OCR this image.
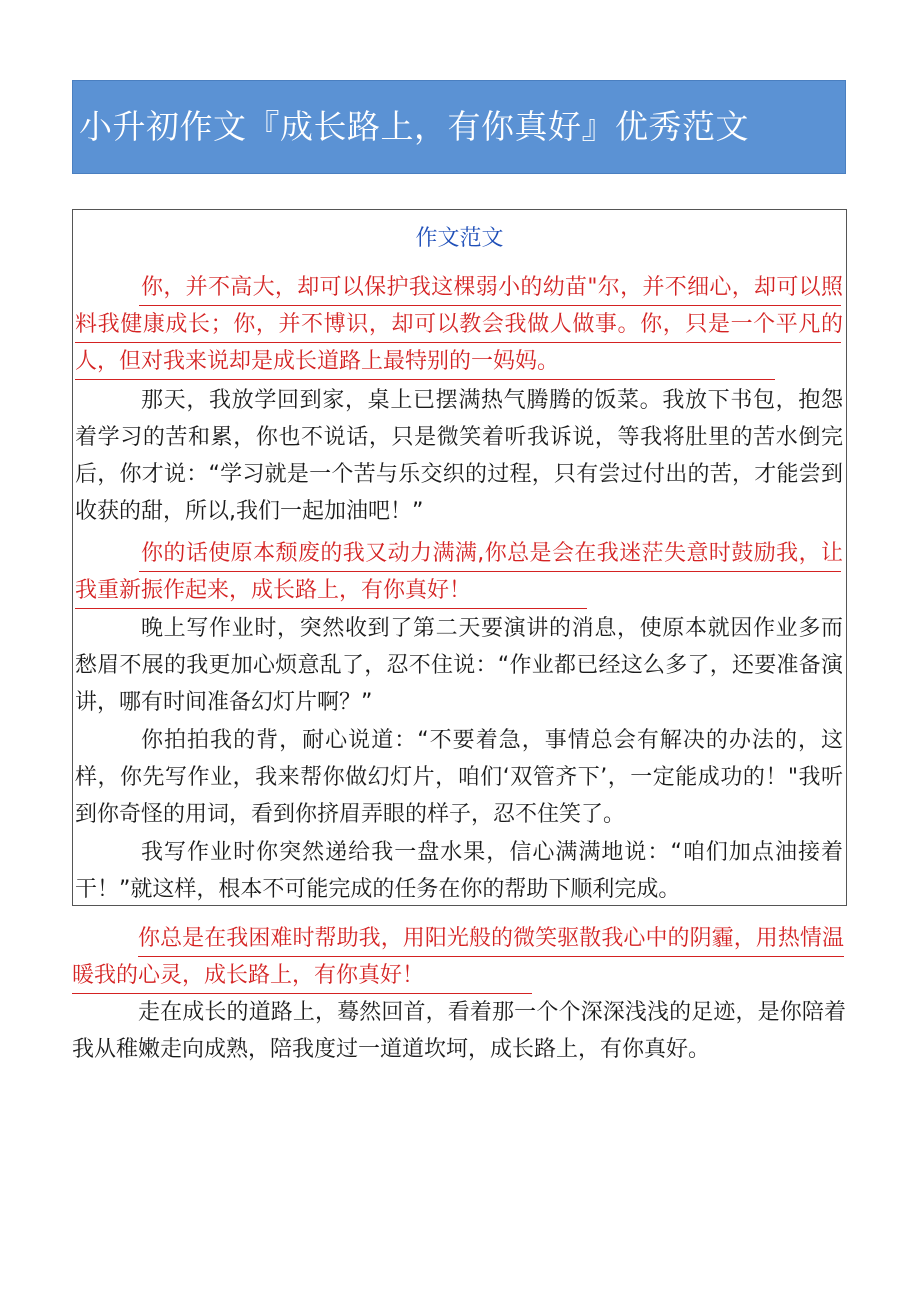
小升初作文『成长路上，有你真好』优秀范文
作文范文

你，并不高大，却可以保护我这棵弱小的幼苗"尔，并不细心，却可以照料我健康成长；你，并不博识，却可以教会我做人做事。你，只是一个平凡的人，但对我来说却是成长道路上最特别的一妈妈。

那天，我放学回到家，桌上已摆满热气腾腾的饭菜。我放下书包，抱怨着学习的苦和累，你也不说话，只是微笑着听我诉说，等我将肚里的苦水倒完后，你才说：“学习就是一个苦与乐交织的过程，只有尝过付出的苦，才能尝到收获的甜，所以,我们一起加油吧！”

你的话使原本颓废的我又动力满满,你总是会在我迷茫失意时鼓励我，让我重新振作起来，成长路上，有你真好！

晚上写作业时，突然收到了第二天要演讲的消息，使原本就因作业多而愁眉不展的我更加心烦意乱了，忍不住说：“作业都已经这么多了，还要准备演讲，哪有时间准备幻灯片啊？”

你拍拍我的背，耐心说道：“不要着急，事情总会有解决的办法的，这样，你先写作业，我来帮你做幻灯片，咱们‘双管齐下’，一定能成功的！"我听到你奇怪的用词，看到你挤眉弄眼的样子，忍不住笑了。

我写作业时你突然递给我一盘水果，信心满满地说：“咱们加点油接着干！”就这样，根本不可能完成的任务在你的帮助下顺利完成。

你总是在我困难时帮助我，用阳光般的微笑驱散我心中的阴霾，用热情温暖我的心灵，成长路上，有你真好！

走在成长的道路上，蓦然回首，看着那一个个深深浅浅的足迹，是你陪着我从稚嫩走向成熟，陪我度过一道道坎坷，成长路上，有你真好。
